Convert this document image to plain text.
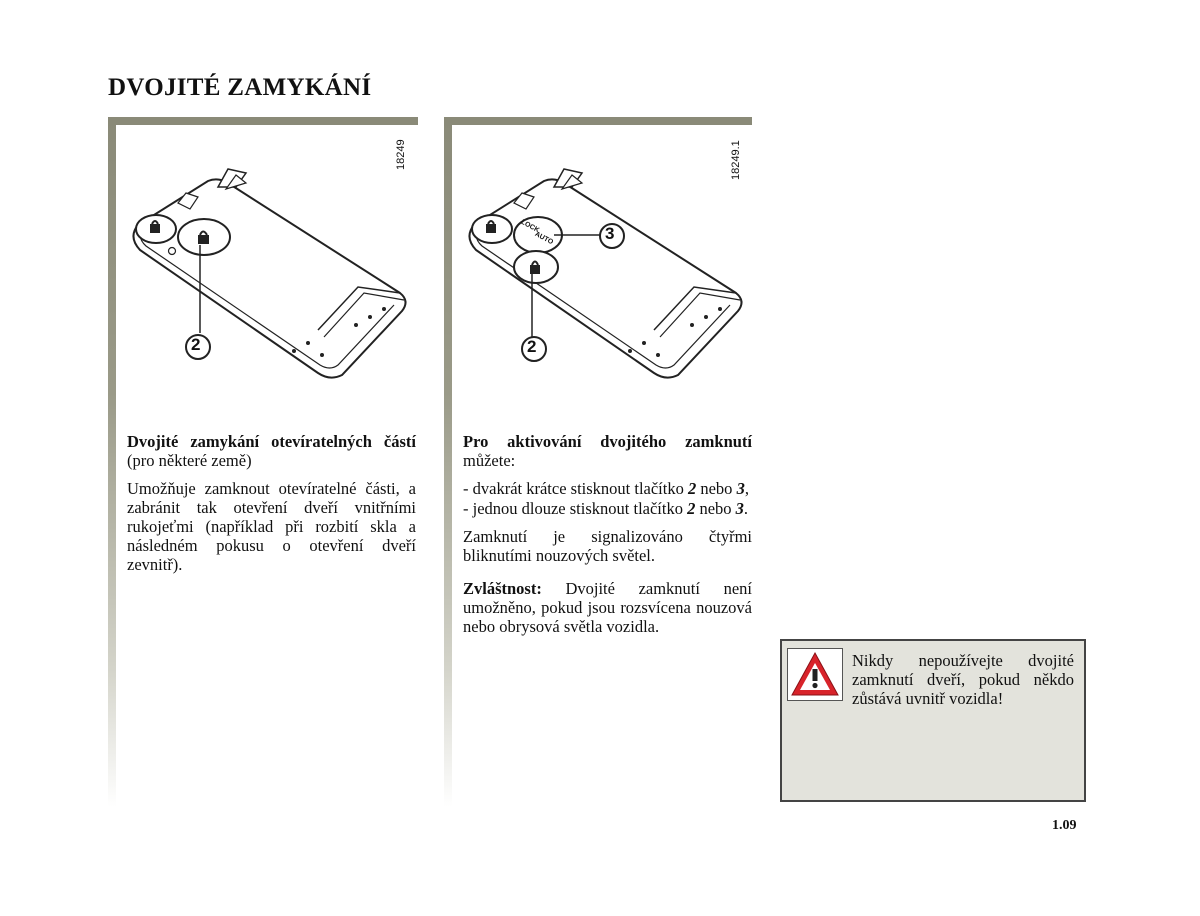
DVOJITÉ ZAMYKÁNÍ
2
18249
LOCK
AUTO
2
3
18249.1

Dvojité zamykání otevíratelných částí (pro některé země)

Umožňuje zamknout otevíratelné části, a zabránit tak otevření dveří vnitřními rukojeťmi (například při rozbití skla a následném pokusu o otevření dveří zevnitř).

Pro aktivování dvojitého zamknutí můžete:

- dvakrát krátce stisknout tlačítko 2 nebo 3,
- jednou dlouze stisknout tlačítko 2 nebo 3.

Zamknutí je signalizováno čtyřmi bliknutími nouzových světel.

Zvláštnost: Dvojité zamknutí není umožněno, pokud jsou rozsvícena nouzová nebo obrysová světla vozidla.

Nikdy nepoužívejte dvojité zamknutí dveří, pokud někdo zůstává uvnitř vozidla!
1.09
